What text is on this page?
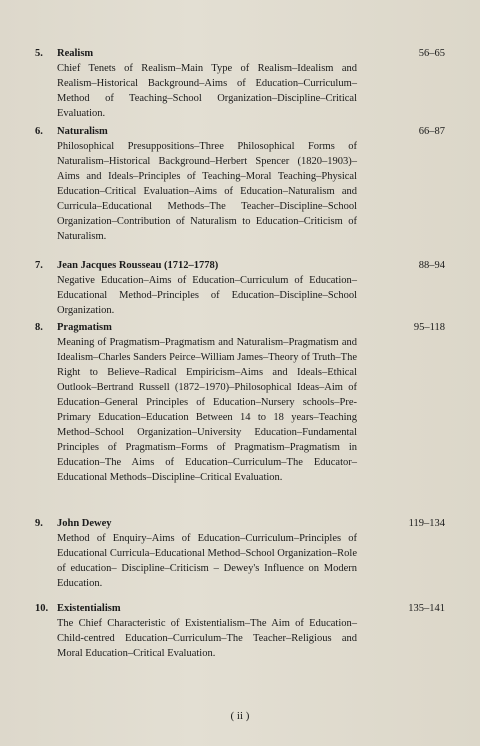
5. Realism	56–65
Chief Tenets of Realism–Main Type of Realism–Idealism and Realism–Historical Background–Aims of Education–Curriculum–Method of Teaching–School Organization–Discipline–Critical Evaluation.
6. Naturalism	66–87
Philosophical Presuppositions–Three Philosophical Forms of Naturalism–Historical Background–Herbert Spencer (1820–1903)–Aims and Ideals–Principles of Teaching–Moral Teaching–Physical Education–Critical Evaluation–Aims of Education–Naturalism and Curricula–Educational Methods–The Teacher–Discipline–School Organization–Contribution of Naturalism to Education–Criticism of Naturalism.
7. Jean Jacques Rousseau (1712–1778)	88–94
Negative Education–Aims of Education–Curriculum of Education– Educational Method–Principles of Education–Discipline–School Organization.
8. Pragmatism	95–118
Meaning of Pragmatism–Pragmatism and Naturalism–Pragmatism and Idealism–Charles Sanders Peirce–William James–Theory of Truth–The Right to Believe–Radical Empiricism–Aims and Ideals–Ethical Outlook–Bertrand Russell (1872–1970)–Philosophical Ideas–Aim of Education–General Principles of Education–Nursery schools–Pre-Primary Education–Education Between 14 to 18 years–Teaching Method–School Organization–University Education–Fundamental Principles of Pragmatism–Forms of Pragmatism–Pragmatism in Education–The Aims of Education–Curriculum–The Educator– Educational Methods–Discipline–Critical Evaluation.
9. John Dewey	119–134
Method of Enquiry–Aims of Education–Curriculum–Principles of Educational Curricula–Educational Method–School Organization–Role of education– Discipline–Criticism – Dewey's Influence on Modern Education.
10. Existentialism	135–141
The Chief Characteristic of Existentialism–The Aim of Education– Child-centred Education–Curriculum–The Teacher–Religious and Moral Education–Critical Evaluation.
( ii )
